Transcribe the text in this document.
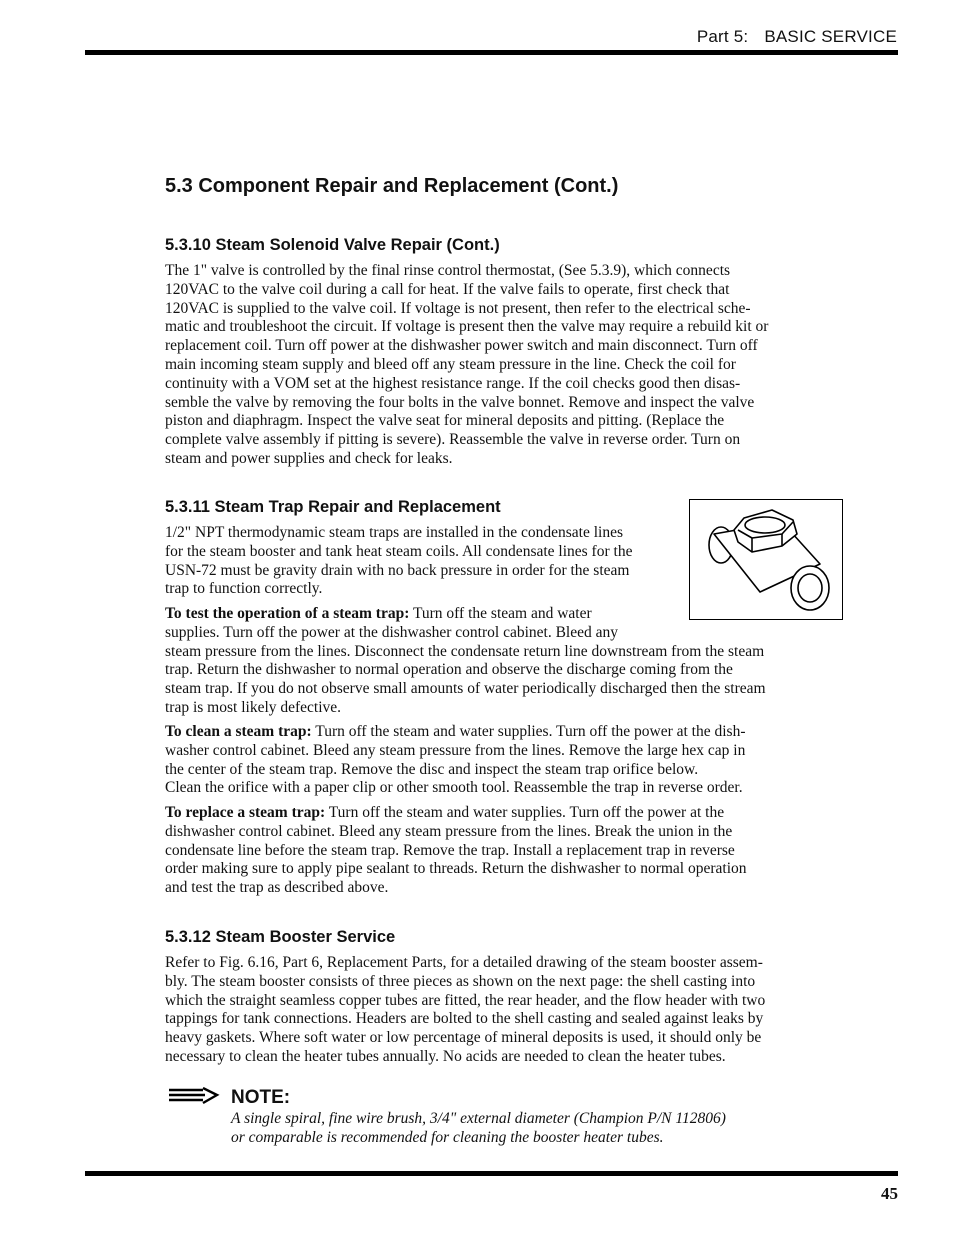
Part 5: BASIC SERVICE
5.3 Component Repair and Replacement (Cont.)
5.3.10 Steam Solenoid Valve Repair (Cont.)
The 1" valve is controlled by the final rinse control thermostat, (See 5.3.9), which connects
120VAC to the valve coil during a call for heat. If the valve fails to operate, first check that
120VAC is supplied to the valve coil. If voltage is not present, then refer to the electrical sche-
matic and troubleshoot the circuit. If voltage is present then the valve may require a rebuild kit or
replacement coil. Turn off power at the dishwasher power switch and main disconnect. Turn off
main incoming steam supply and bleed off any steam pressure in the line. Check the coil for
continuity with a VOM set at the highest resistance range. If the coil checks good then disas-
semble the valve by removing the four bolts in the valve bonnet. Remove and inspect the valve
piston and diaphragm. Inspect the valve seat for mineral deposits and pitting. (Replace the
complete valve assembly if pitting is severe). Reassemble the valve in reverse order. Turn on
steam and power supplies and check for leaks.
5.3.11 Steam Trap Repair and Replacement
1/2" NPT thermodynamic steam traps are installed in the condensate lines
for the steam booster and tank heat steam coils. All condensate lines for the
USN-72 must be gravity drain with no back pressure in order for the steam
trap to function correctly.
To test the operation of a steam trap: Turn off the steam and water
supplies. Turn off the power at the dishwasher control cabinet. Bleed any
steam pressure from the lines. Disconnect the condensate return line downstream from the steam
trap. Return the dishwasher to normal operation and observe the discharge coming from the
steam trap. If you do not observe small amounts of water periodically discharged then the stream
trap is most likely defective.
To clean a steam trap: Turn off the steam and water supplies. Turn off the power at the dish-
washer control cabinet. Bleed any steam pressure from the lines. Remove the large hex cap in
the center of the steam trap. Remove the disc and inspect the steam trap orifice below.
Clean the orifice with a paper clip or other smooth tool. Reassemble the trap in reverse order.
To replace a steam trap: Turn off the steam and water supplies. Turn off the power at the
dishwasher control cabinet. Bleed any steam pressure from the lines. Break the union in the
condensate line before the steam trap. Remove the trap. Install a replacement trap in reverse
order making sure to apply pipe sealant to threads. Return the dishwasher to normal operation
and test the trap as described above.
5.3.12 Steam Booster Service
Refer to Fig. 6.16, Part 6, Replacement Parts, for a detailed drawing of the steam booster assem-
bly. The steam booster consists of three pieces as shown on the next page: the shell casting into
which the straight seamless copper tubes are fitted, the rear header, and the flow header with two
tappings for tank connections. Headers are bolted to the shell casting and sealed against leaks by
heavy gaskets. Where soft water or low percentage of mineral deposits is used, it should only be
necessary to clean the heater tubes annually. No acids are needed to clean the heater tubes.
NOTE:
A single spiral, fine wire brush, 3/4" external diameter (Champion P/N 112806)
or comparable is recommended for cleaning the booster heater tubes.
45
